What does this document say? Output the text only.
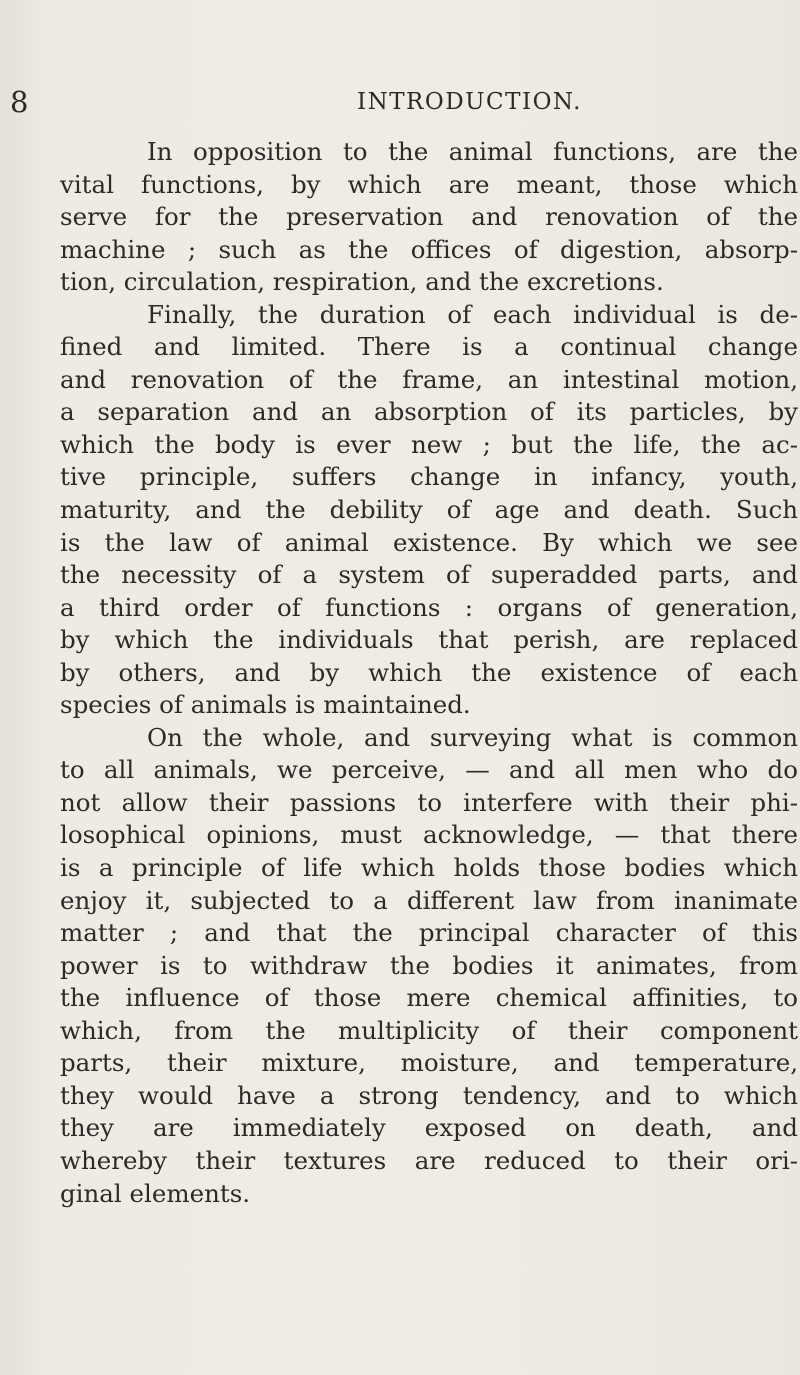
8	INTRODUCTION.
In opposition to the animal functions, are the
vital functions, by which are meant, those which
serve for the preservation and renovation of the
machine ; such as the offices of digestion, absorp-
tion, circulation, respiration, and the excretions.
Finally, the duration of each individual is de-
fined and limited. There is a continual change
and renovation of the frame, an intestinal motion,
a separation and an absorption of its particles, by
which the body is ever new ; but the life, the ac-
tive principle, suffers change in infancy, youth,
maturity, and the debility of age and death. Such
is the law of animal existence. By which we see
the necessity of a system of superadded parts, and
a third order of functions : organs of generation,
by which the individuals that perish, are replaced
by others, and by which the existence of each
species of animals is maintained.
On the whole, and surveying what is common
to all animals, we perceive, — and all men who do
not allow their passions to interfere with their phi-
losophical opinions, must acknowledge, — that there
is a principle of life which holds those bodies which
enjoy it, subjected to a different law from inanimate
matter ; and that the principal character of this
power is to withdraw the bodies it animates, from
the influence of those mere chemical affinities, to
which, from the multiplicity of their component
parts, their mixture, moisture, and temperature,
they would have a strong tendency, and to which
they are immediately exposed on death, and
whereby their textures are reduced to their ori-
ginal elements.
